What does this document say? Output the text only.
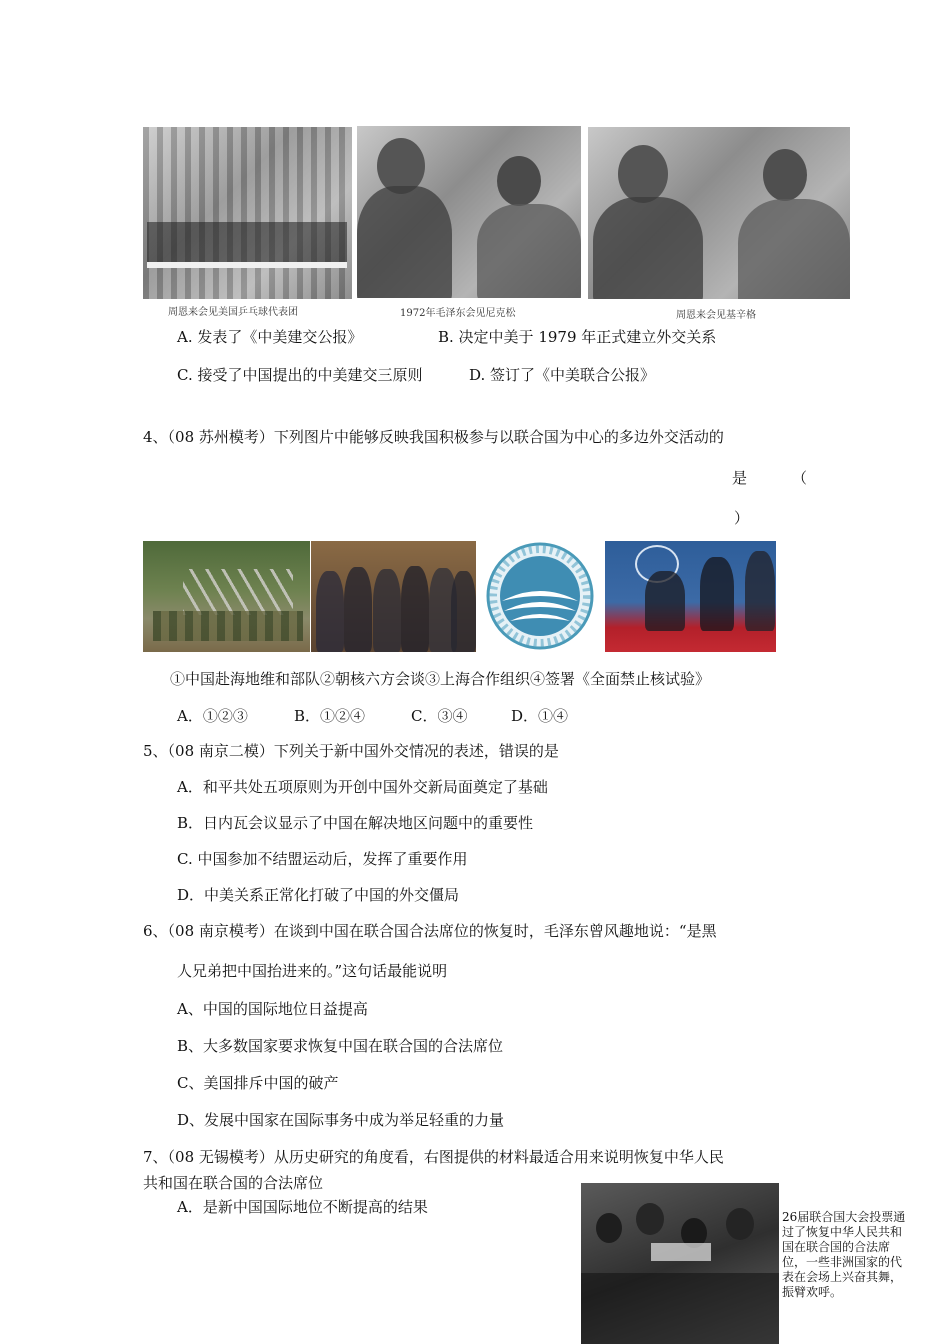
周恩来会见美国乒乓球代表团	1972年毛泽东会见尼克松	周恩来会见基辛格
A. 发表了《中美建交公报》	B. 决定中美于 1979 年正式建立外交关系
C. 接受了中国提出的中美建交三原则	D. 签订了《中美联合公报》
4、（08 苏州模考）下列图片中能够反映我国积极参与以联合国为中心的多边外交活动的
是	（
）
①中国赴海地维和部队②朝核六方会谈③上海合作组织④签署《全面禁止核试验》
A．①②③	B．①②④	C．③④	D．①④
5、（08 南京二模）下列关于新中国外交情况的表述，错误的是
A．和平共处五项原则为开创中国外交新局面奠定了基础
B．日内瓦会议显示了中国在解决地区问题中的重要性
C. 中国参加不结盟运动后，发挥了重要作用
D．中美关系正常化打破了中国的外交僵局
6、（08 南京模考）在谈到中国在联合国合法席位的恢复时，毛泽东曾风趣地说：“是黑
人兄弟把中国抬进来的。”这句话最能说明
A、中国的国际地位日益提高
B、大多数国家要求恢复中国在联合国的合法席位
C、美国排斥中国的破产
D、发展中国家在国际事务中成为举足轻重的力量
7、（08 无锡模考）从历史研究的角度看，右图提供的材料最适合用来说明恢复中华人民
共和国在联合国的合法席位
A．是新中国国际地位不断提高的结果
26届联合国大会投票通过了恢复中华人民共和国在联合国的合法席位，一些非洲国家的代表在会场上兴奋其舞，振臂欢呼。
